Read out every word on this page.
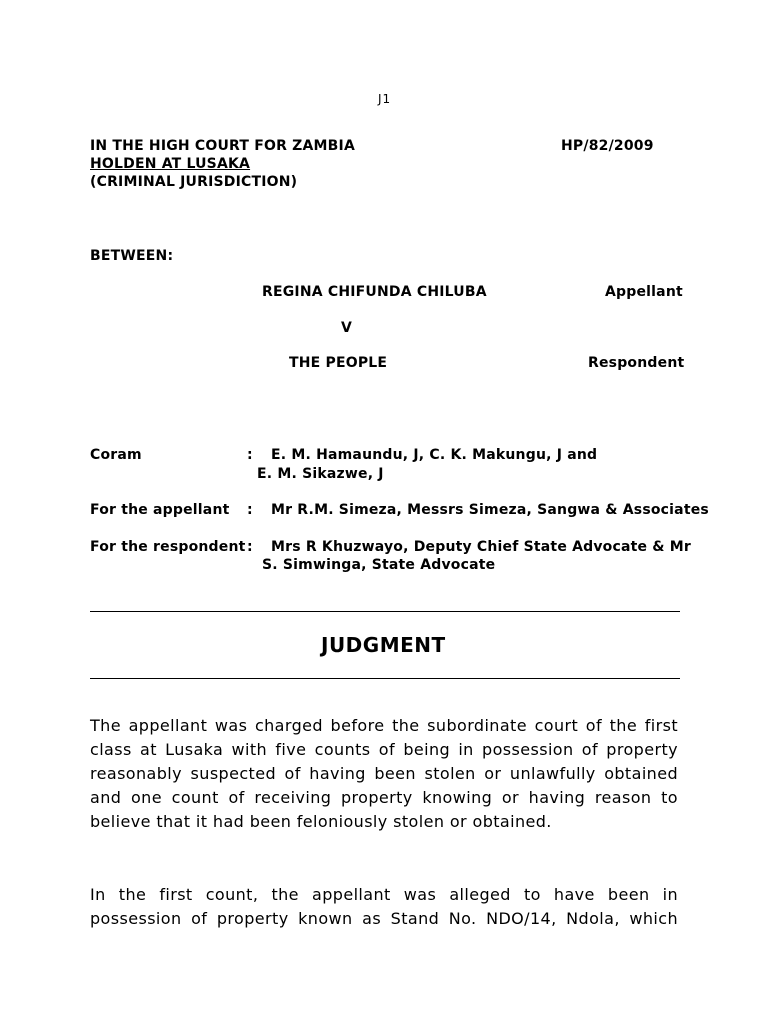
J1
IN THE HIGH COURT FOR ZAMBIA
HOLDEN AT LUSAKA
(CRIMINAL JURISDICTION)
HP/82/2009
BETWEEN:
REGINA CHIFUNDA CHILUBA	Appellant
V
THE PEOPLE	Respondent
Coram	: E. M. Hamaundu, J, C. K. Makungu, J and
E. M. Sikazwe, J
For the appellant : Mr R.M. Simeza, Messrs Simeza, Sangwa & Associates
For the respondent : Mrs R Khuzwayo, Deputy Chief State Advocate & Mr
S. Simwinga, State Advocate
JUDGMENT
The appellant was charged before the subordinate court of the first
class at Lusaka with five counts of being in possession of property
reasonably suspected of having been stolen or unlawfully obtained
and one count of receiving property knowing or having reason to
believe that it had been feloniously stolen or obtained.
In the first count, the appellant was alleged to have been in
possession of property known as Stand No. NDO/14, Ndola, which
